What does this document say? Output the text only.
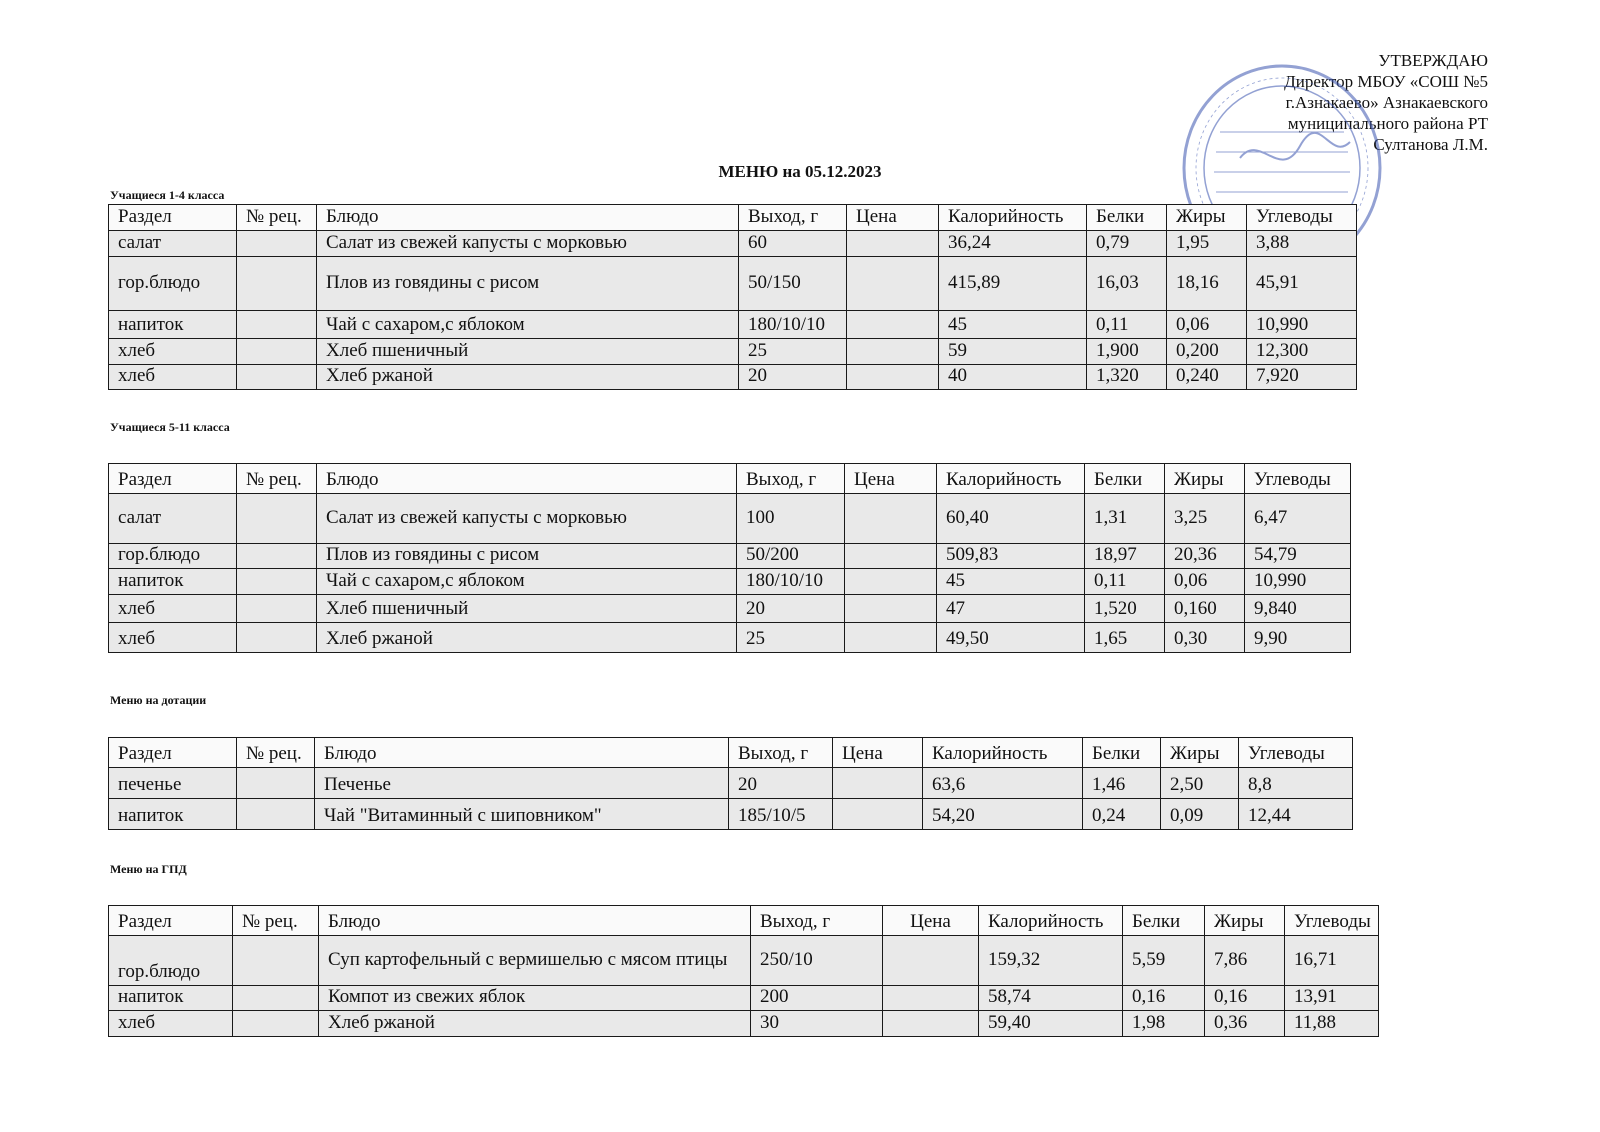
УТВЕРЖДАЮ
Директор МБОУ «СОШ №5
г.Азнакаево» Азнакаевского
муниципального района РТ
Султанова Л.М.
МЕНЮ на 05.12.2023
Учащиеся 1-4 класса
Раздел	№ рец.	Блюдо	Выход, г	Цена	Калорийность	Белки	Жиры	Углеводы
салат		Салат из свежей капусты с морковью	60		36,24	0,79	1,95	3,88
гор.блюдо		Плов из говядины с рисом	50/150		415,89	16,03	18,16	45,91
напиток		Чай с сахаром,с яблоком	180/10/10		45	0,11	0,06	10,990
хлеб		Хлеб пшеничный	25		59	1,900	0,200	12,300
хлеб		Хлеб ржаной	20		40	1,320	0,240	7,920
Учащиеся 5-11 класса
Раздел	№ рец.	Блюдо	Выход, г	Цена	Калорийность	Белки	Жиры	Углеводы
салат		Салат из свежей капусты с морковью	100		60,40	1,31	3,25	6,47
гор.блюдо		Плов из говядины с рисом	50/200		509,83	18,97	20,36	54,79
напиток		Чай с сахаром,с яблоком	180/10/10		45	0,11	0,06	10,990
хлеб		Хлеб пшеничный	20		47	1,520	0,160	9,840
хлеб		Хлеб ржаной	25		49,50	1,65	0,30	9,90
Меню на дотации
Раздел	№ рец.	Блюдо	Выход, г	Цена	Калорийность	Белки	Жиры	Углеводы
печенье		Печенье	20		63,6	1,46	2,50	8,8
напиток		Чай "Витаминный с шиповником"	185/10/5		54,20	0,24	0,09	12,44
Меню на ГПД
Раздел	№ рец.	Блюдо	Выход, г	Цена	Калорийность	Белки	Жиры	Углеводы
гор.блюдо		Суп картофельный с вермишелью с мясом птицы	250/10		159,32	5,59	7,86	16,71
напиток		Компот из свежих яблок	200		58,74	0,16	0,16	13,91
хлеб		Хлеб ржаной	30		59,40	1,98	0,36	11,88
